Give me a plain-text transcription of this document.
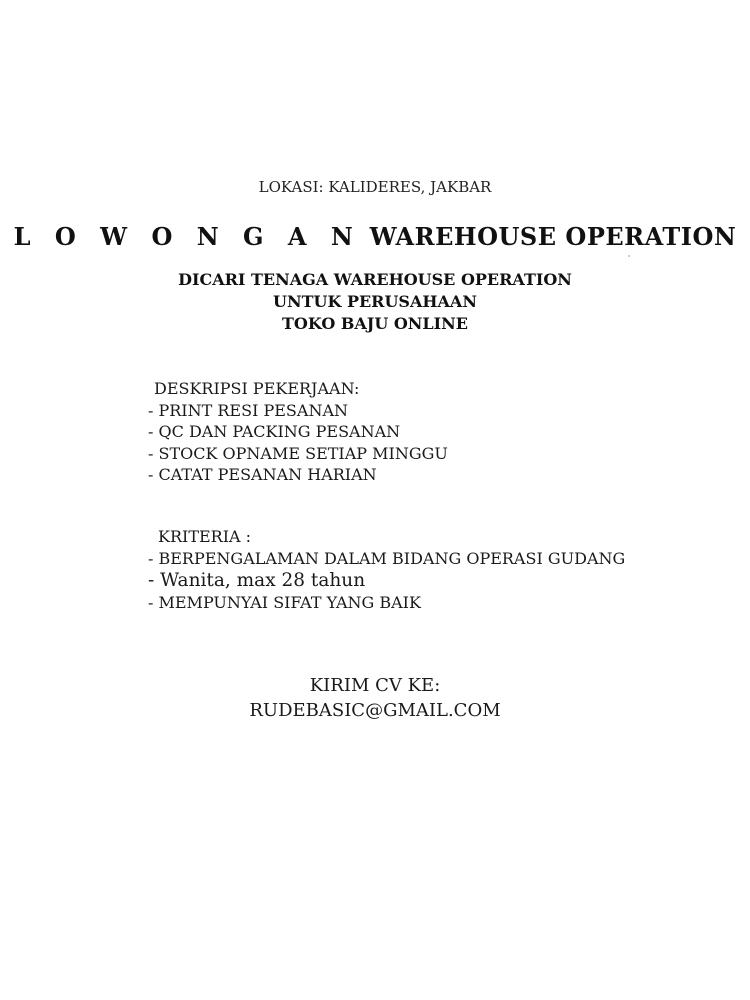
LOKASI: KALIDERES, JAKBAR
L O W O N G A N WAREHOUSE OPERATION
DICARI TENAGA WAREHOUSE OPERATION
UNTUK PERUSAHAAN
TOKO BAJU ONLINE
DESKRIPSI PEKERJAAN:
- PRINT RESI PESANAN
- QC DAN PACKING PESANAN
- STOCK OPNAME SETIAP MINGGU
- CATAT PESANAN HARIAN
KRITERIA :
- BERPENGALAMAN DALAM BIDANG OPERASI GUDANG
- Wanita, max 28 tahun
- MEMPUNYAI SIFAT YANG BAIK
KIRIM CV KE:
RUDEBASIC@GMAIL.COM
